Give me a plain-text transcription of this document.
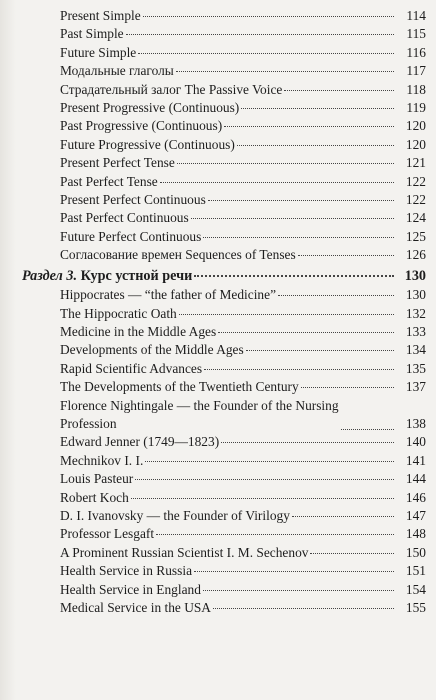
Present Simple	114
Past Simple	115
Future Simple	116
Модальные глаголы	117
Страдательный залог The Passive Voice	118
Present Progressive (Continuous)	119
Past Progressive (Continuous)	120
Future Progressive (Continuous)	120
Present Perfect Tense	121
Past Perfect Tense	122
Present Perfect Continuous	122
Past Perfect Continuous	124
Future Perfect Continuous	125
Согласование времен Sequences of Tenses	126
Раздел 3. Курс устной речи	130
Hippocrates — “the father of Medicine”	130
The Hippocratic Oath	132
Medicine in the Middle Ages	133
Developments of the Middle Ages	134
Rapid Scientific Advances	135
The Developments of the Twentieth Century	137
Florence Nightingale — the Founder of the Nursing
Profession	138
Edward Jenner (1749—1823)	140
Mechnikov I. I.	141
Louis Pasteur	144
Robert Koch	146
D. I. Ivanovsky — the Founder of Virilogy	147
Professor Lesgaft	148
A Prominent Russian Scientist I. M. Sechenov	150
Health Service in Russia	151
Health Service in England	154
Medical Service in the USA	155
